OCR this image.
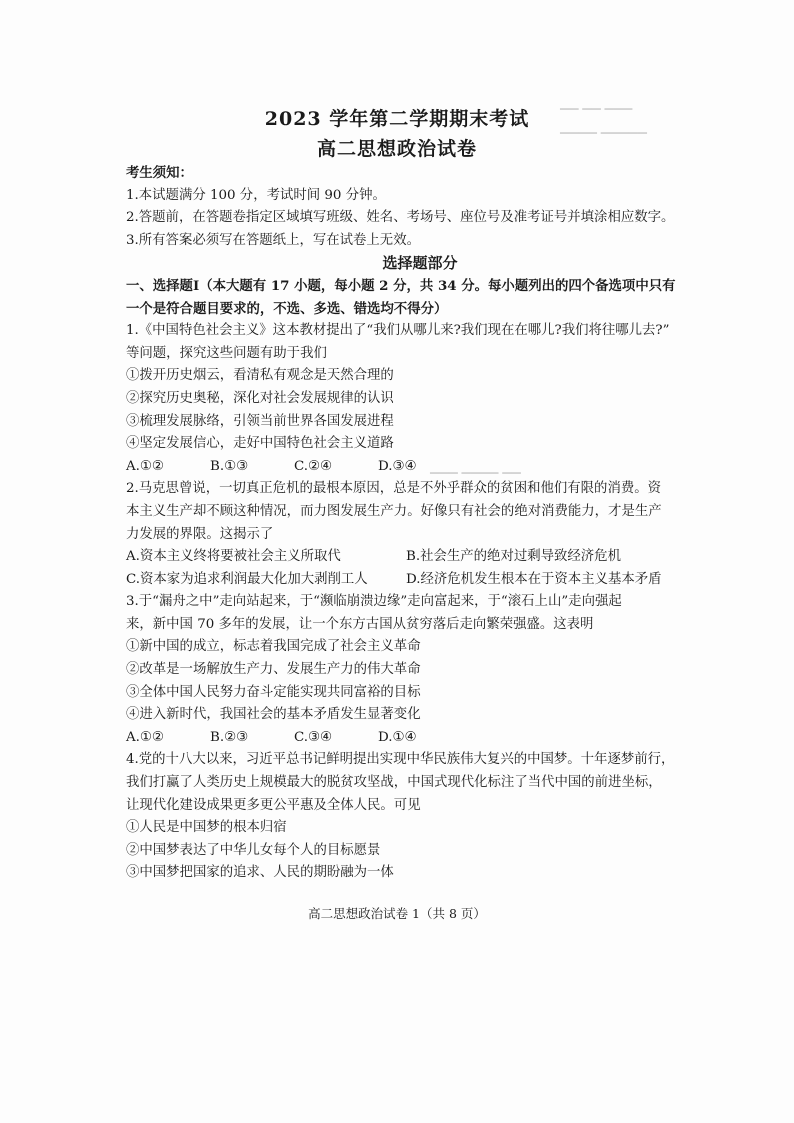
▁▁ ▁▁ ▁▁▁
▁▁▁▁ ▁▁▁▁▁
▁▁▁ ▁▁▁▁ ▁▁
2023 学年第二学期期末考试
高二思想政治试卷
考生须知：
1.本试题满分 100 分，考试时间 90 分钟。
2.答题前，在答题卷指定区域填写班级、姓名、考场号、座位号及准考证号并填涂相应数字。
3.所有答案必须写在答题纸上，写在试卷上无效。
选择题部分
一、选择题Ⅰ（本大题有 17 小题，每小题 2 分，共 34 分。每小题列出的四个备选项中只有
一个是符合题目要求的，不选、多选、错选均不得分）
1.《中国特色社会主义》这本教材提出了“我们从哪儿来?我们现在在哪儿?我们将往哪儿去?”
等问题，探究这些问题有助于我们
①拨开历史烟云，看清私有观念是天然合理的
②探究历史奥秘，深化对社会发展规律的认识
③梳理发展脉络，引领当前世界各国发展进程
④坚定发展信心，走好中国特色社会主义道路
A.①②	B.①③	C.②④	D.③④
2.马克思曾说，一切真正危机的最根本原因，总是不外乎群众的贫困和他们有限的消费。资
本主义生产却不顾这种情况，而力图发展生产力。好像只有社会的绝对消费能力，才是生产
力发展的界限。这揭示了
A.资本主义终将要被社会主义所取代	B.社会生产的绝对过剩导致经济危机
C.资本家为追求利润最大化加大剥削工人	D.经济危机发生根本在于资本主义基本矛盾
3.于“漏舟之中”走向站起来，于“濒临崩溃边缘”走向富起来，于“滚石上山”走向强起
来，新中国 70 多年的发展，让一个东方古国从贫穷落后走向繁荣强盛。这表明
①新中国的成立，标志着我国完成了社会主义革命
②改革是一场解放生产力、发展生产力的伟大革命
③全体中国人民努力奋斗定能实现共同富裕的目标
④进入新时代，我国社会的基本矛盾发生显著变化
A.①②	B.②③	C.③④	D.①④
4.党的十八大以来，习近平总书记鲜明提出实现中华民族伟大复兴的中国梦。十年逐梦前行，
我们打赢了人类历史上规模最大的脱贫攻坚战，中国式现代化标注了当代中国的前进坐标，
让现代化建设成果更多更公平惠及全体人民。可见
①人民是中国梦的根本归宿
②中国梦表达了中华儿女每个人的目标愿景
③中国梦把国家的追求、人民的期盼融为一体
高二思想政治试卷 1（共 8 页）
